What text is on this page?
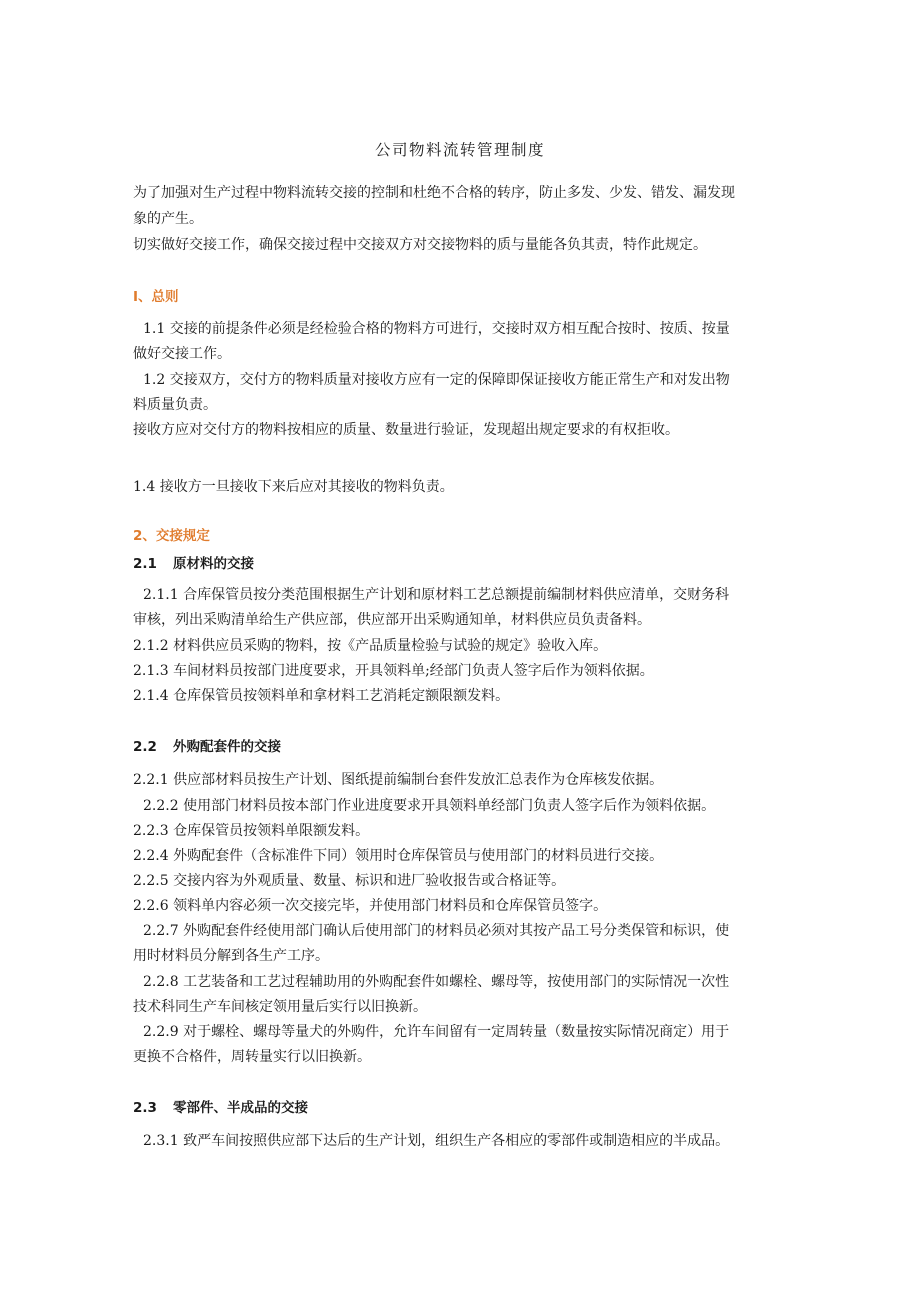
公司物料流转管理制度
为了加强对生产过程中物料流转交接的控制和杜绝不合格的转序，防止多发、少发、错发、漏发现
象的产生。
切实做好交接工作，确保交接过程中交接双方对交接物料的质与量能各负其责，特作此规定。
I、总则
1.1 交接的前提条件必须是经检验合格的物料方可进行，交接时双方相互配合按时、按质、按量
做好交接工作。
1.2 交接双方，交付方的物料质量对接收方应有一定的保障即保证接收方能正常生产和对发出物
料质量负责。
接收方应对交付方的物料按相应的质量、数量进行验证，发现超出规定要求的有权拒收。
1.4 接收方一旦接收下来后应对其接收的物料负责。
2、交接规定
2.1 原材料的交接
2.1.1 合库保管员按分类范围根据生产计划和原材料工艺总额提前编制材料供应清单，交财务科
审核，列出采购清单给生产供应部，供应部开出采购通知单，材料供应员负责备料。
2.1.2 材料供应员采购的物料，按《产品质量检验与试验的规定》验收入库。
2.1.3 车间材料员按部门进度要求，开具领料单;经部门负责人签字后作为领料依据。
2.1.4 仓库保管员按领料单和拿材料工艺消耗定额限额发料。
2.2 外购配套件的交接
2.2.1 供应部材料员按生产计划、图纸提前编制台套件发放汇总表作为仓库核发依据。
2.2.2 使用部门材料员按本部门作业进度要求开具领料单经部门负责人签字后作为领料依据。
2.2.3 仓库保管员按领料单限额发料。
2.2.4 外购配套件（含标准件下同）领用时仓库保管员与使用部门的材料员进行交接。
2.2.5 交接内容为外观质量、数量、标识和进厂验收报告或合格证等。
2.2.6 领料单内容必须一次交接完毕，并使用部门材料员和仓库保管员签字。
2.2.7 外购配套件经使用部门确认后使用部门的材料员必须对其按产品工号分类保管和标识，使
用时材料员分解到各生产工序。
2.2.8 工艺装备和工艺过程辅助用的外购配套件如螺栓、螺母等，按使用部门的实际情况一次性
技术科同生产车间核定领用量后实行以旧换新。
2.2.9 对于螺栓、螺母等量犬的外购件，允许车间留有一定周转量（数量按实际情况商定）用于
更换不合格件，周转量实行以旧换新。
2.3 零部件、半成品的交接
2.3.1 致严车间按照供应部下达后的生产计划，组织生产各相应的零部件或制造相应的半成品。
